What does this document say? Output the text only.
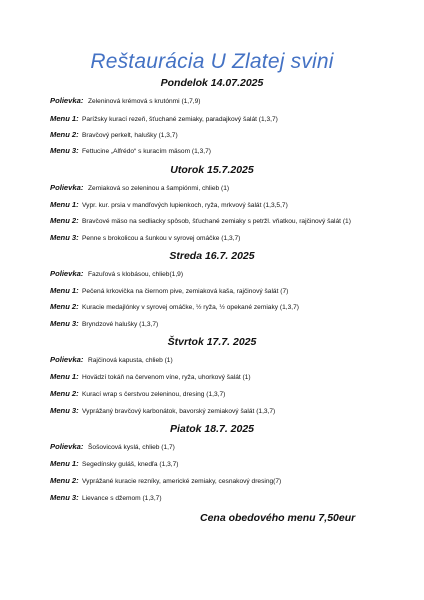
Reštaurácia U Zlatej svini
Pondelok 14.07.2025
Polievka: Zeleninová krémová s krutónmi (1,7,9)
Menu 1: Parížsky kurací rezeň, šťuchané zemiaky, paradajkový šalát (1,3,7)
Menu 2: Bravčový perkelt, halušky (1,3,7)
Menu 3: Fettucine „Alfrédo“ s kuracím mäsom (1,3,7)
Utorok 15.7.2025
Polievka: Zemiaková so zeleninou a šampiónmi, chlieb (1)
Menu 1: Vypr. kur. prsia v mandľových lupienkoch, ryža, mrkvový šalát (1,3,5,7)
Menu 2: Bravčové mäso na sedliacky spôsob, šťuchané zemiaky s petržl. vňatkou, rajčinový šalát (1)
Menu 3: Penne s brokolicou a šunkou v syrovej omáčke (1,3,7)
Streda 16.7. 2025
Polievka: Fazuľová s klobásou, chlieb(1,9)
Menu 1: Pečená krkovička na čiernom pive, zemiaková kaša, rajčinový šalát (7)
Menu 2: Kuracie medajlónky v syrovej omáčke, ½ ryža, ½ opekané zemiaky (1,3,7)
Menu 3: Bryndzové halušky (1,3,7)
Štvrtok 17.7. 2025
Polievka: Rajčinová kapusta, chlieb (1)
Menu 1: Hovädzí tokáň na červenom víne, ryža, uhorkový šalát (1)
Menu 2: Kurací wrap s čerstvou zeleninou, dresing (1,3,7)
Menu 3: Vyprážaný bravčový karbonátok, bavorský zemiakový šalát (1,3,7)
Piatok 18.7. 2025
Polievka: Šošovicová kyslá, chlieb (1,7)
Menu 1: Segedínsky guláš, knedľa (1,3,7)
Menu 2: Vyprážané kuracie rezníky, americké zemiaky, cesnakový dresing(7)
Menu 3: Lievance s džemom (1,3,7)
Cena obedového menu 7,50eur
